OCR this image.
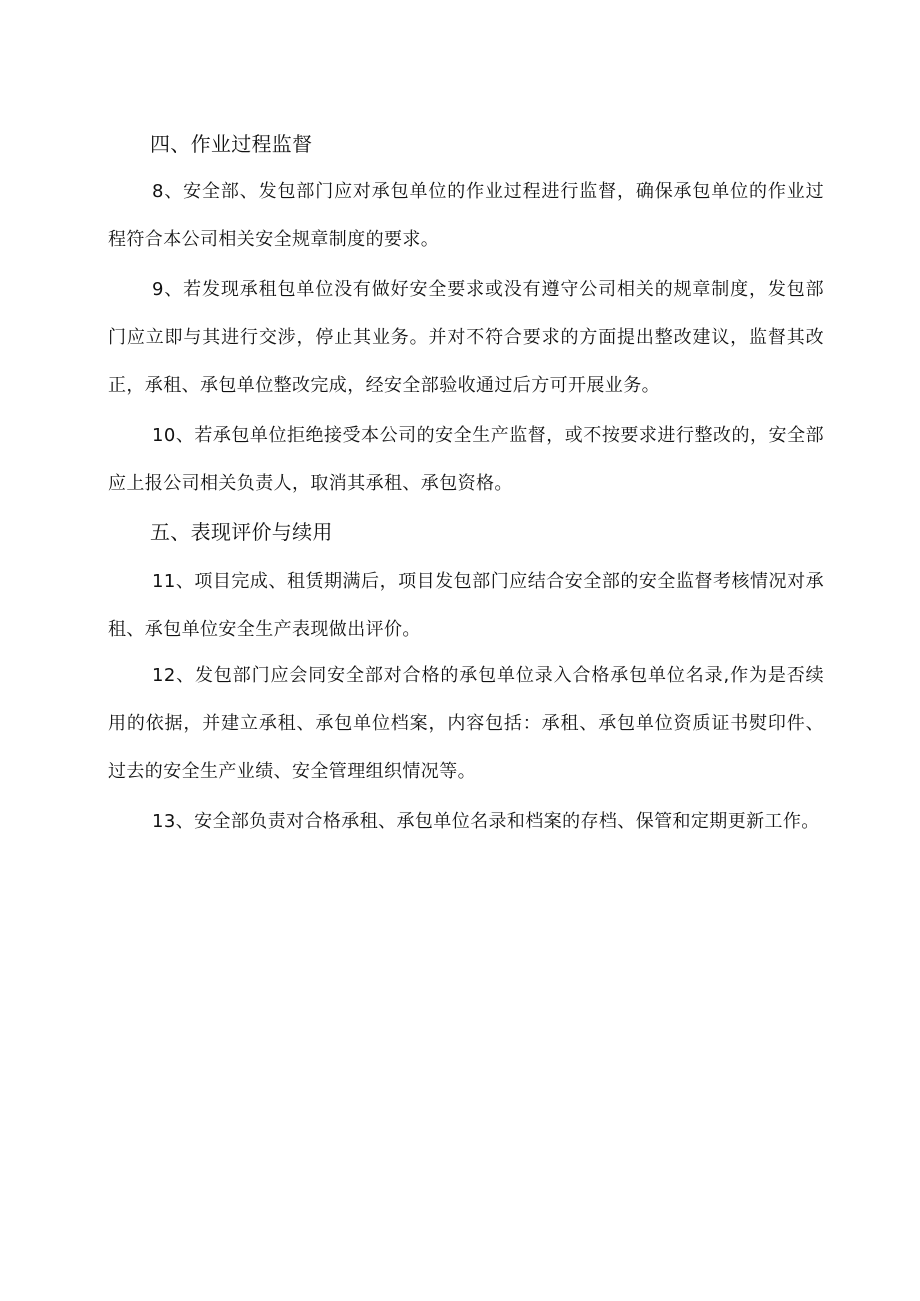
四、作业过程监督
8、安全部、发包部门应对承包单位的作业过程进行监督，确保承包单位的作业过程符合本公司相关安全规章制度的要求。
9、若发现承租包单位没有做好安全要求或没有遵守公司相关的规章制度，发包部门应立即与其进行交涉，停止其业务。并对不符合要求的方面提出整改建议，监督其改正，承租、承包单位整改完成，经安全部验收通过后方可开展业务。
10、若承包单位拒绝接受本公司的安全生产监督，或不按要求进行整改的，安全部应上报公司相关负责人，取消其承租、承包资格。
五、表现评价与续用
11、项目完成、租赁期满后，项目发包部门应结合安全部的安全监督考核情况对承租、承包单位安全生产表现做出评价。
12、发包部门应会同安全部对合格的承包单位录入合格承包单位名录,作为是否续用的依据，并建立承租、承包单位档案，内容包括：承租、承包单位资质证书熨印件、过去的安全生产业绩、安全管理组织情况等。
13、安全部负责对合格承租、承包单位名录和档案的存档、保管和定期更新工作。
